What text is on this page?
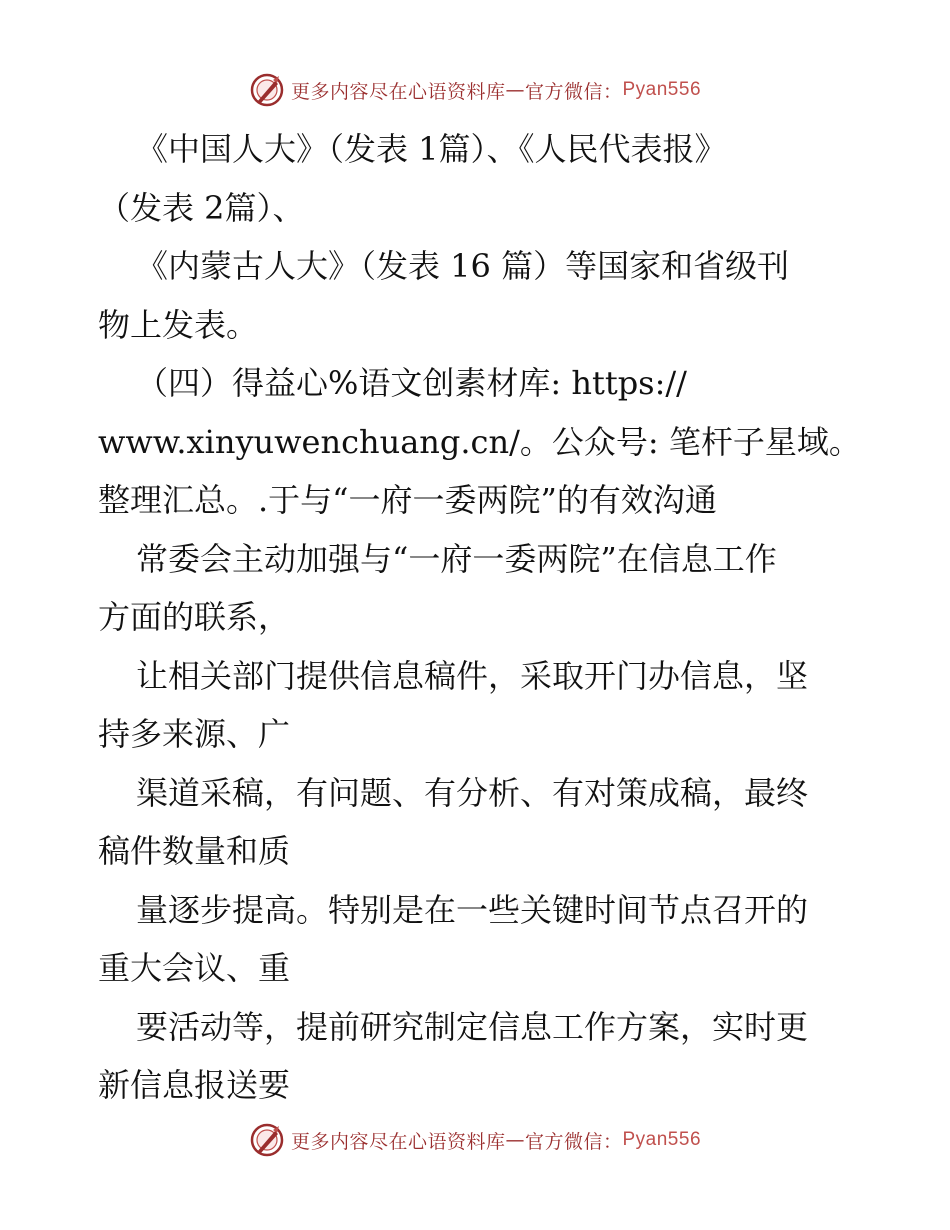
更多内容尽在心语资料库 — 官方微信： Pyan556
《中国人大》（发表 1篇）、《人民代表报》
（发表 2篇）、
《内蒙古人大》（发表 16 篇）等国家和省级刊
物上发表。
（四）得益心%语文创素材库: https://
www.xinyuwenchuang.cn/。公众号: 笔杆子星域。
整理汇总。.于与“一府一委两院”的有效沟通
常委会主动加强与“一府一委两院”在信息工作
方面的联系，
让相关部门提供信息稿件，采取开门办信息，坚
持多来源、广
渠道采稿，有问题、有分析、有对策成稿，最终
稿件数量和质
量逐步提高。特别是在一些关键时间节点召开的
重大会议、重
要活动等，提前研究制定信息工作方案，实时更
新信息报送要
更多内容尽在心语资料库 — 官方微信： Pyan556
